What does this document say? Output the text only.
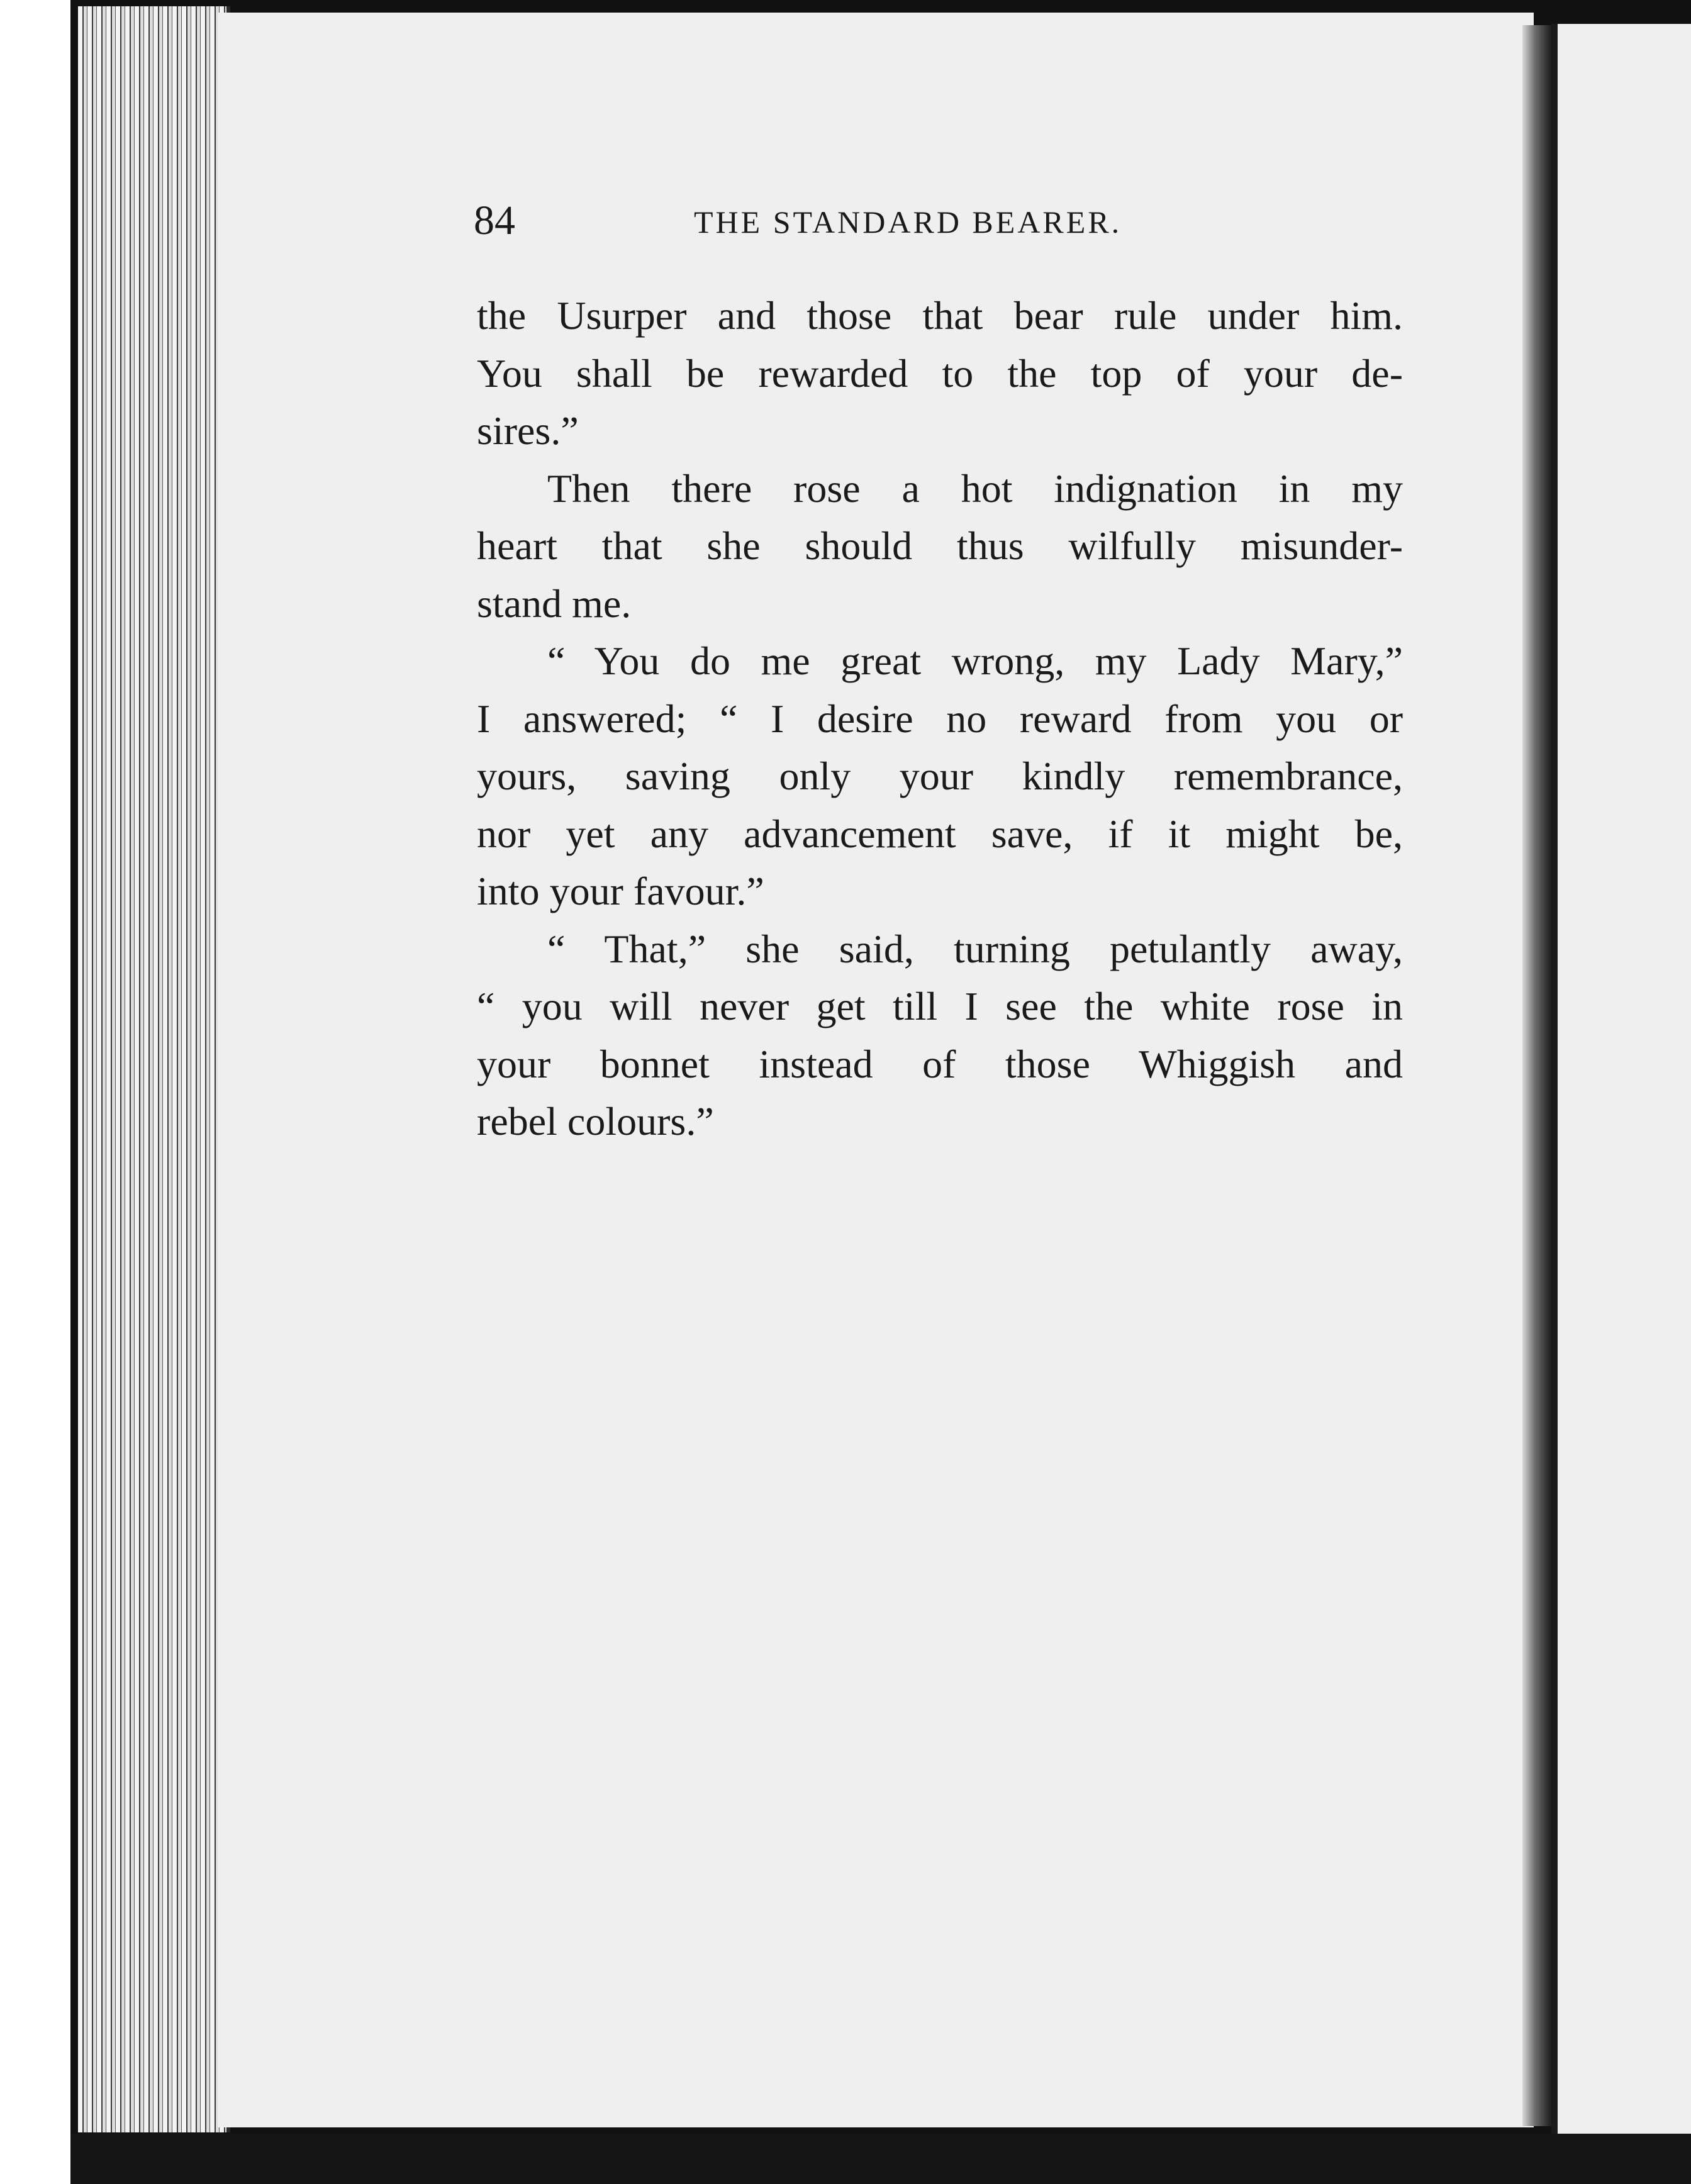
84	THE STANDARD BEARER.
the Usurper and those that bear rule under him.
You shall be rewarded to the top of your de-
sires.”
Then there rose a hot indignation in my
heart that she should thus wilfully misunder-
stand me.
“ You do me great wrong, my Lady Mary,”
I answered; “ I desire no reward from you or
yours, saving only your kindly remembrance,
nor yet any advancement save, if it might be,
into your favour.”
“ That,” she said, turning petulantly away,
“ you will never get till I see the white rose in
your bonnet instead of those Whiggish and
rebel colours.”
